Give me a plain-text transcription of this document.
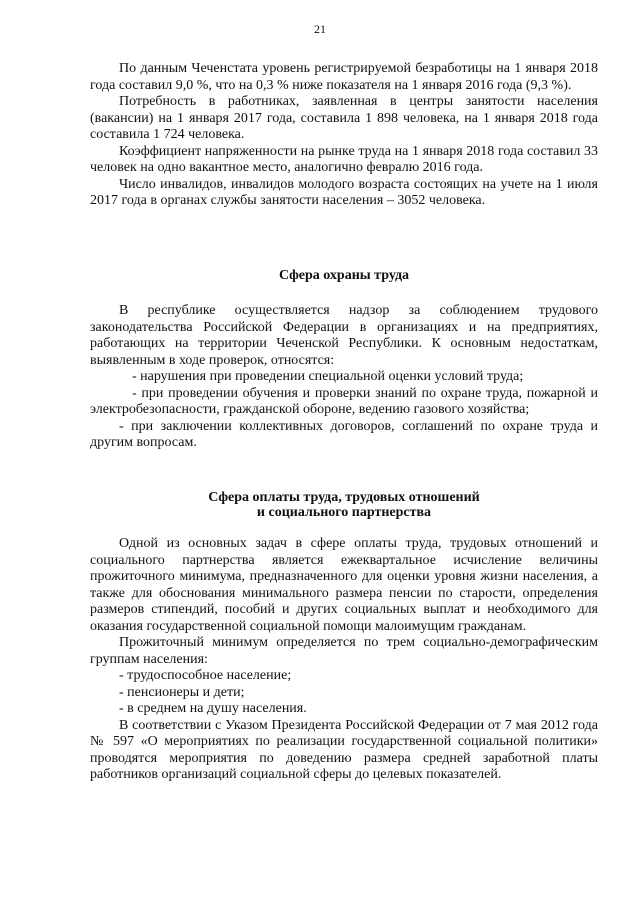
21

По данным Чеченстата уровень регистрируемой безработицы на 1 января 2018 года составил 9,0 %, что на 0,3 % ниже показателя на 1 января 2016 года (9,3 %).

Потребность в работниках, заявленная в центры занятости населения (вакансии) на 1 января 2017 года, составила 1 898 человека, на 1 января 2018 года составила 1 724 человека.

Коэффициент напряженности на рынке труда на 1 января 2018 года составил 33 человек на одно вакантное место, аналогично февралю 2016 года.

Число инвалидов, инвалидов молодого возраста состоящих на учете на 1 июля 2017 года в органах службы занятости населения – 3052 человека.

Сфера охраны труда

В республике осуществляется надзор за соблюдением трудового законодательства Российской Федерации в организациях и на предприятиях, работающих на территории Чеченской Республики. К основным недостаткам, выявленным в ходе проверок, относятся:

- нарушения при проведении специальной оценки условий труда;

- при проведении обучения и проверки знаний по охране труда, пожарной и электробезопасности, гражданской обороне, ведению газового хозяйства;

- при заключении коллективных договоров, соглашений по охране труда и другим вопросам.

Сфера оплаты труда, трудовых отношений
и социального партнерства

Одной из основных задач в сфере оплаты труда, трудовых отношений и социального партнерства является ежеквартальное исчисление величины прожиточного минимума, предназначенного для оценки уровня жизни населения, а также для обоснования минимального размера пенсии по старости, определения размеров стипендий, пособий и других социальных выплат и необходимого для оказания государственной социальной помощи малоимущим гражданам.

Прожиточный минимум определяется по трем социально-демографическим группам населения:

- трудоспособное население;

- пенсионеры и дети;

- в среднем на душу населения.

В соответствии с Указом Президента Российской Федерации от 7 мая 2012 года № 597 «О мероприятиях по реализации государственной социальной политики» проводятся мероприятия по доведению размера средней заработной платы работников организаций социальной сферы до целевых показателей.
